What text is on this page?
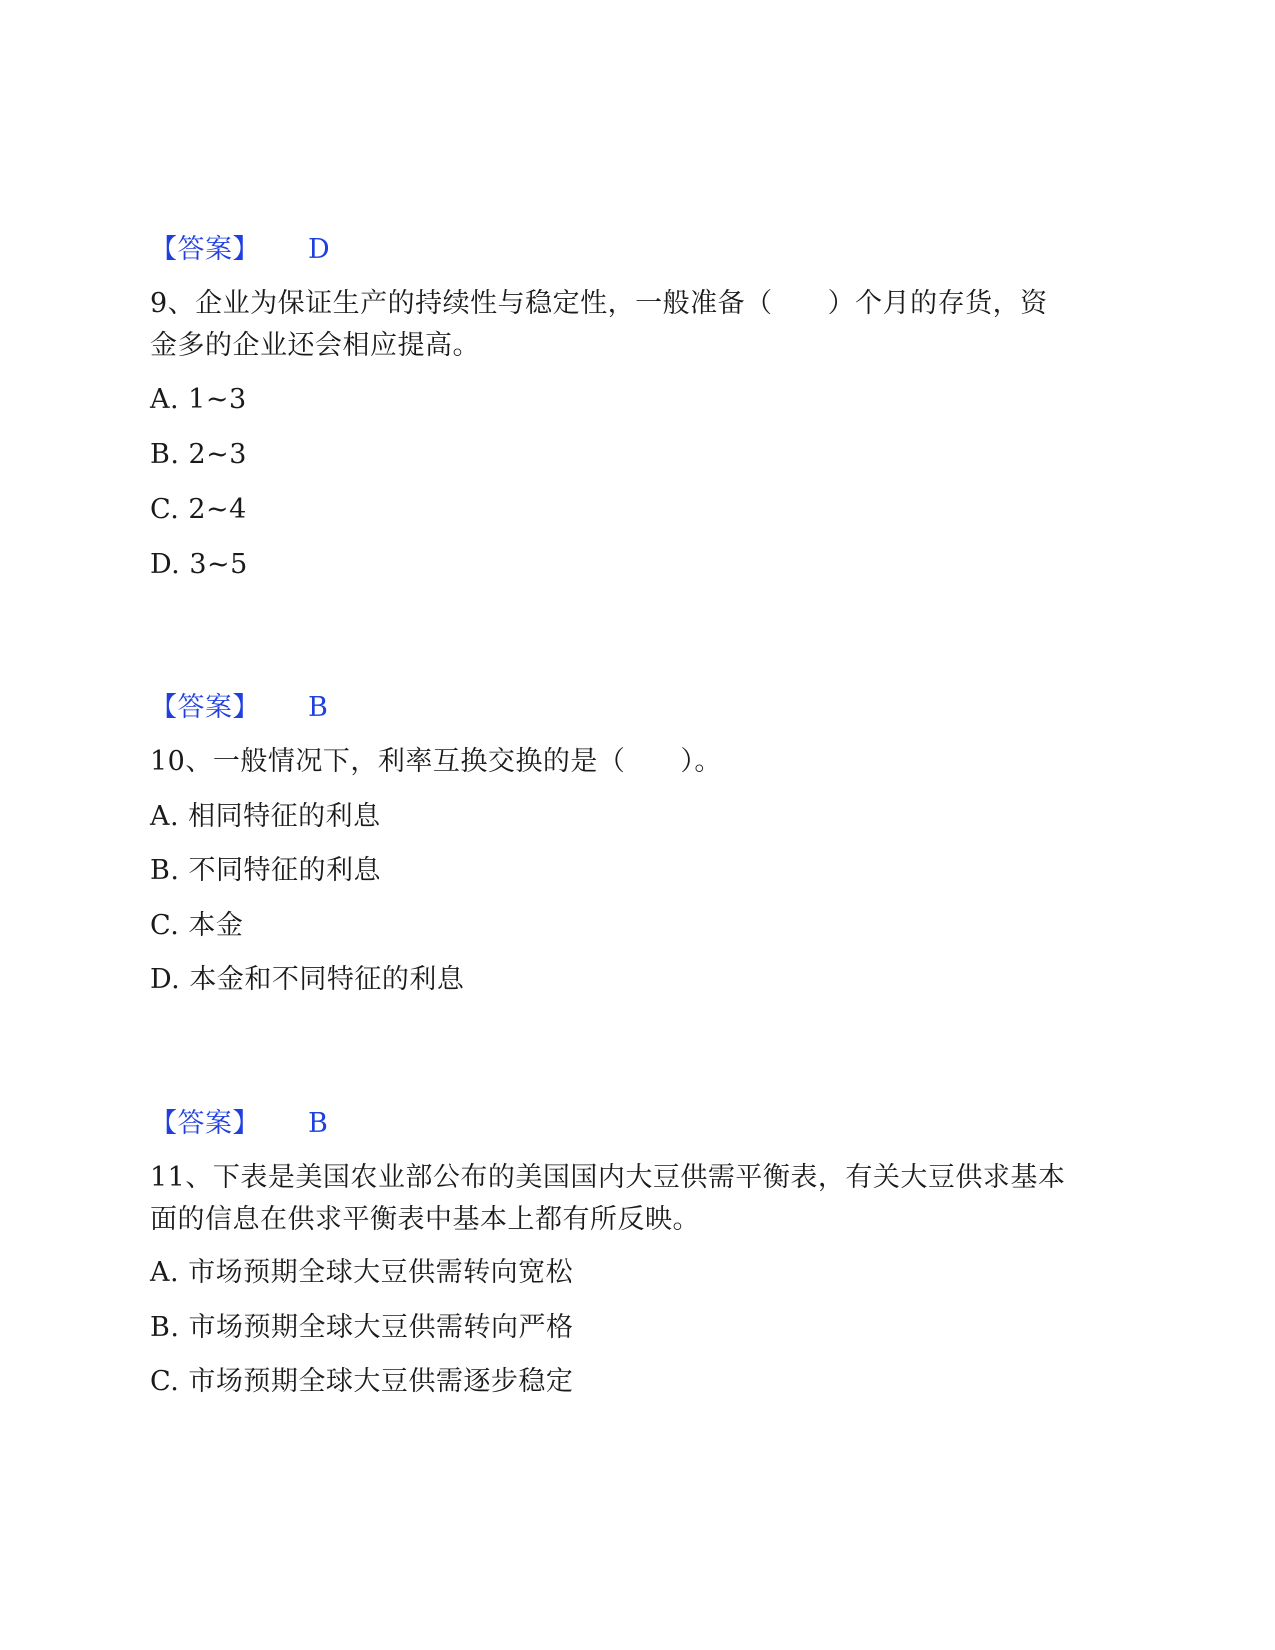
【答案】 D
9、企业为保证生产的持续性与稳定性，一般准备（　　）个月的存货，资
金多的企业还会相应提高。
A. 1~3
B. 2~3
C. 2~4
D. 3~5
【答案】 B
10、一般情况下，利率互换交换的是（　　）。
A. 相同特征的利息
B. 不同特征的利息
C. 本金
D. 本金和不同特征的利息
【答案】 B
11、下表是美国农业部公布的美国国内大豆供需平衡表，有关大豆供求基本
面的信息在供求平衡表中基本上都有所反映。
A. 市场预期全球大豆供需转向宽松
B. 市场预期全球大豆供需转向严格
C. 市场预期全球大豆供需逐步稳定
